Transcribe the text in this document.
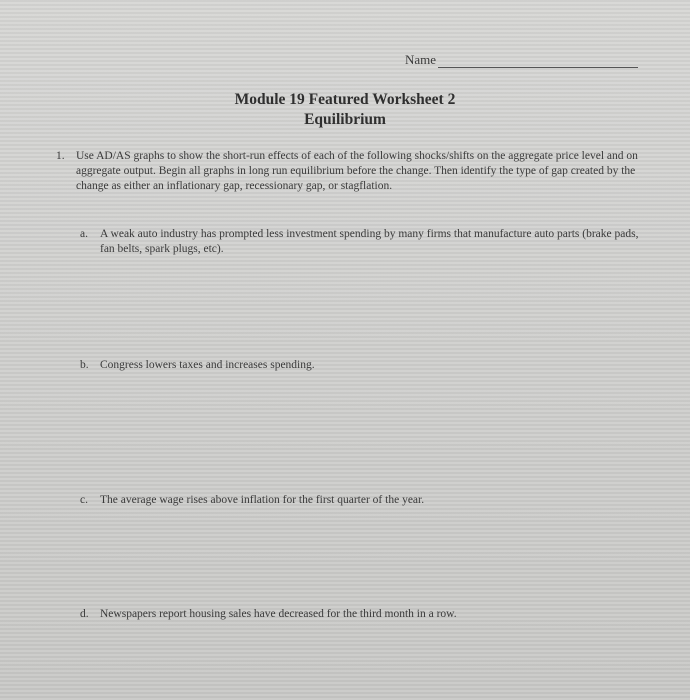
Name
Module 19 Featured Worksheet 2
Equilibrium
1. Use AD/AS graphs to show the short-run effects of each of the following shocks/shifts on the aggregate price level and on aggregate output. Begin all graphs in long run equilibrium before the change. Then identify the type of gap created by the change as either an inflationary gap, recessionary gap, or stagflation.
a. A weak auto industry has prompted less investment spending by many firms that manufacture auto parts (brake pads, fan belts, spark plugs, etc).
b. Congress lowers taxes and increases spending.
c. The average wage rises above inflation for the first quarter of the year.
d. Newspapers report housing sales have decreased for the third month in a row.
